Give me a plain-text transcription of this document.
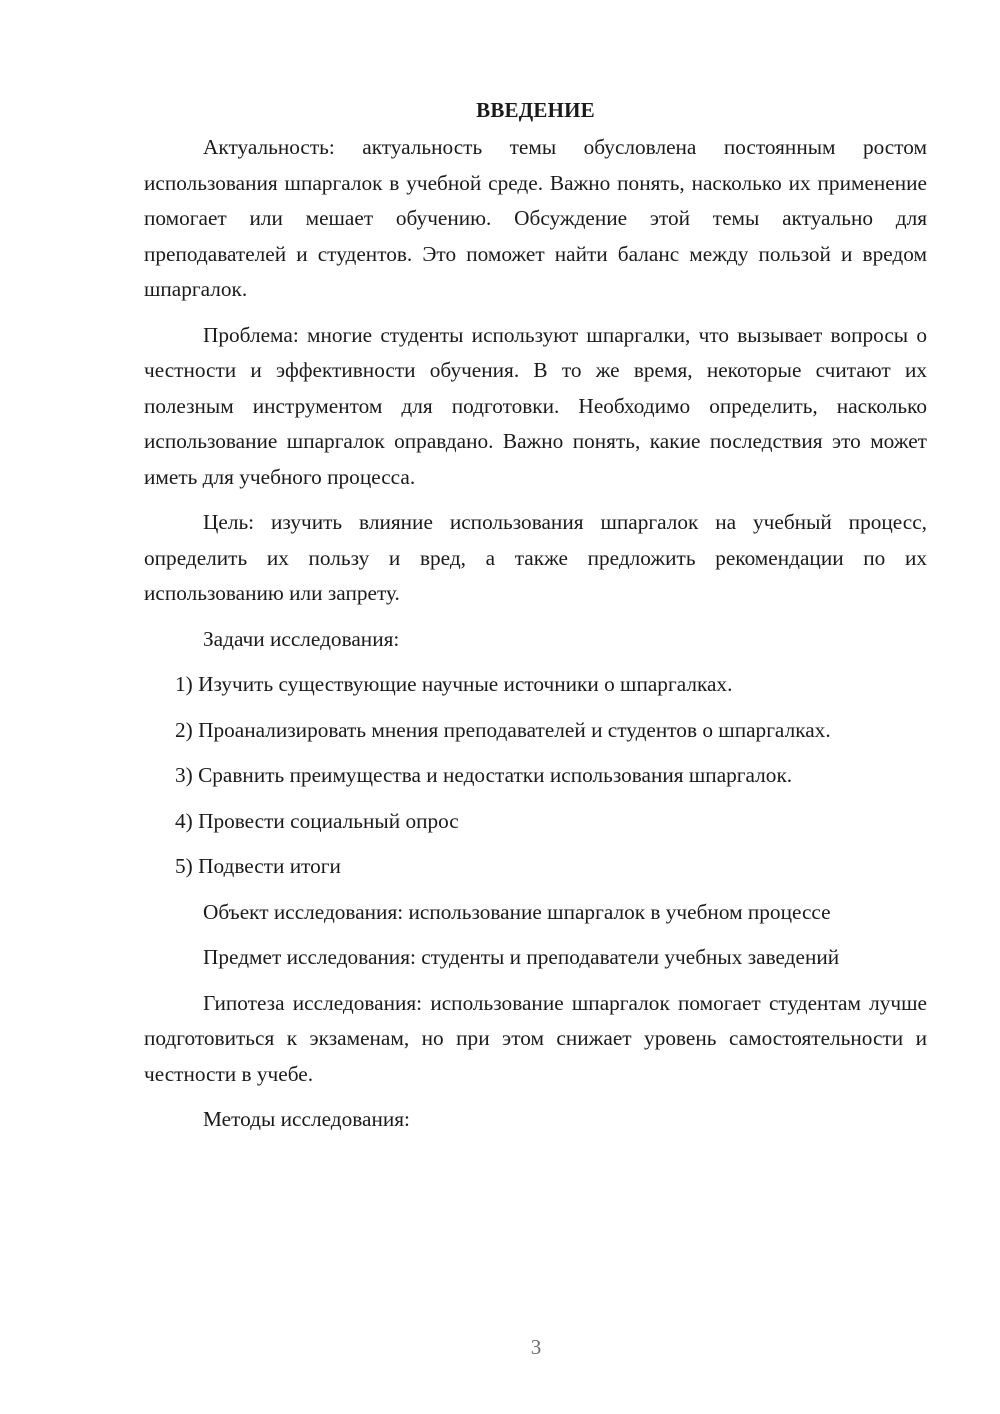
ВВЕДЕНИЕ

Актуальность: актуальность темы обусловлена постоянным ростом использования шпаргалок в учебной среде. Важно понять, насколько их применение помогает или мешает обучению. Обсуждение этой темы актуально для преподавателей и студентов. Это поможет найти баланс между пользой и вредом шпаргалок.

Проблема: многие студенты используют шпаргалки, что вызывает вопросы о честности и эффективности обучения. В то же время, некоторые считают их полезным инструментом для подготовки. Необходимо определить, насколько использование шпаргалок оправдано. Важно понять, какие последствия это может иметь для учебного процесса.

Цель: изучить влияние использования шпаргалок на учебный процесс, определить их пользу и вред, а также предложить рекомендации по их использованию или запрету.

Задачи исследования:

1) Изучить существующие научные источники о шпаргалках.

2) Проанализировать мнения преподавателей и студентов о шпаргалках.

3) Сравнить преимущества и недостатки использования шпаргалок.

4) Провести социальный опрос

5) Подвести итоги

Объект исследования: использование шпаргалок в учебном процессе

Предмет исследования: студенты и преподаватели учебных заведений

Гипотеза исследования: использование шпаргалок помогает студентам лучше подготовиться к экзаменам, но при этом снижает уровень самостоятельности и честности в учебе.

Методы исследования:

3
